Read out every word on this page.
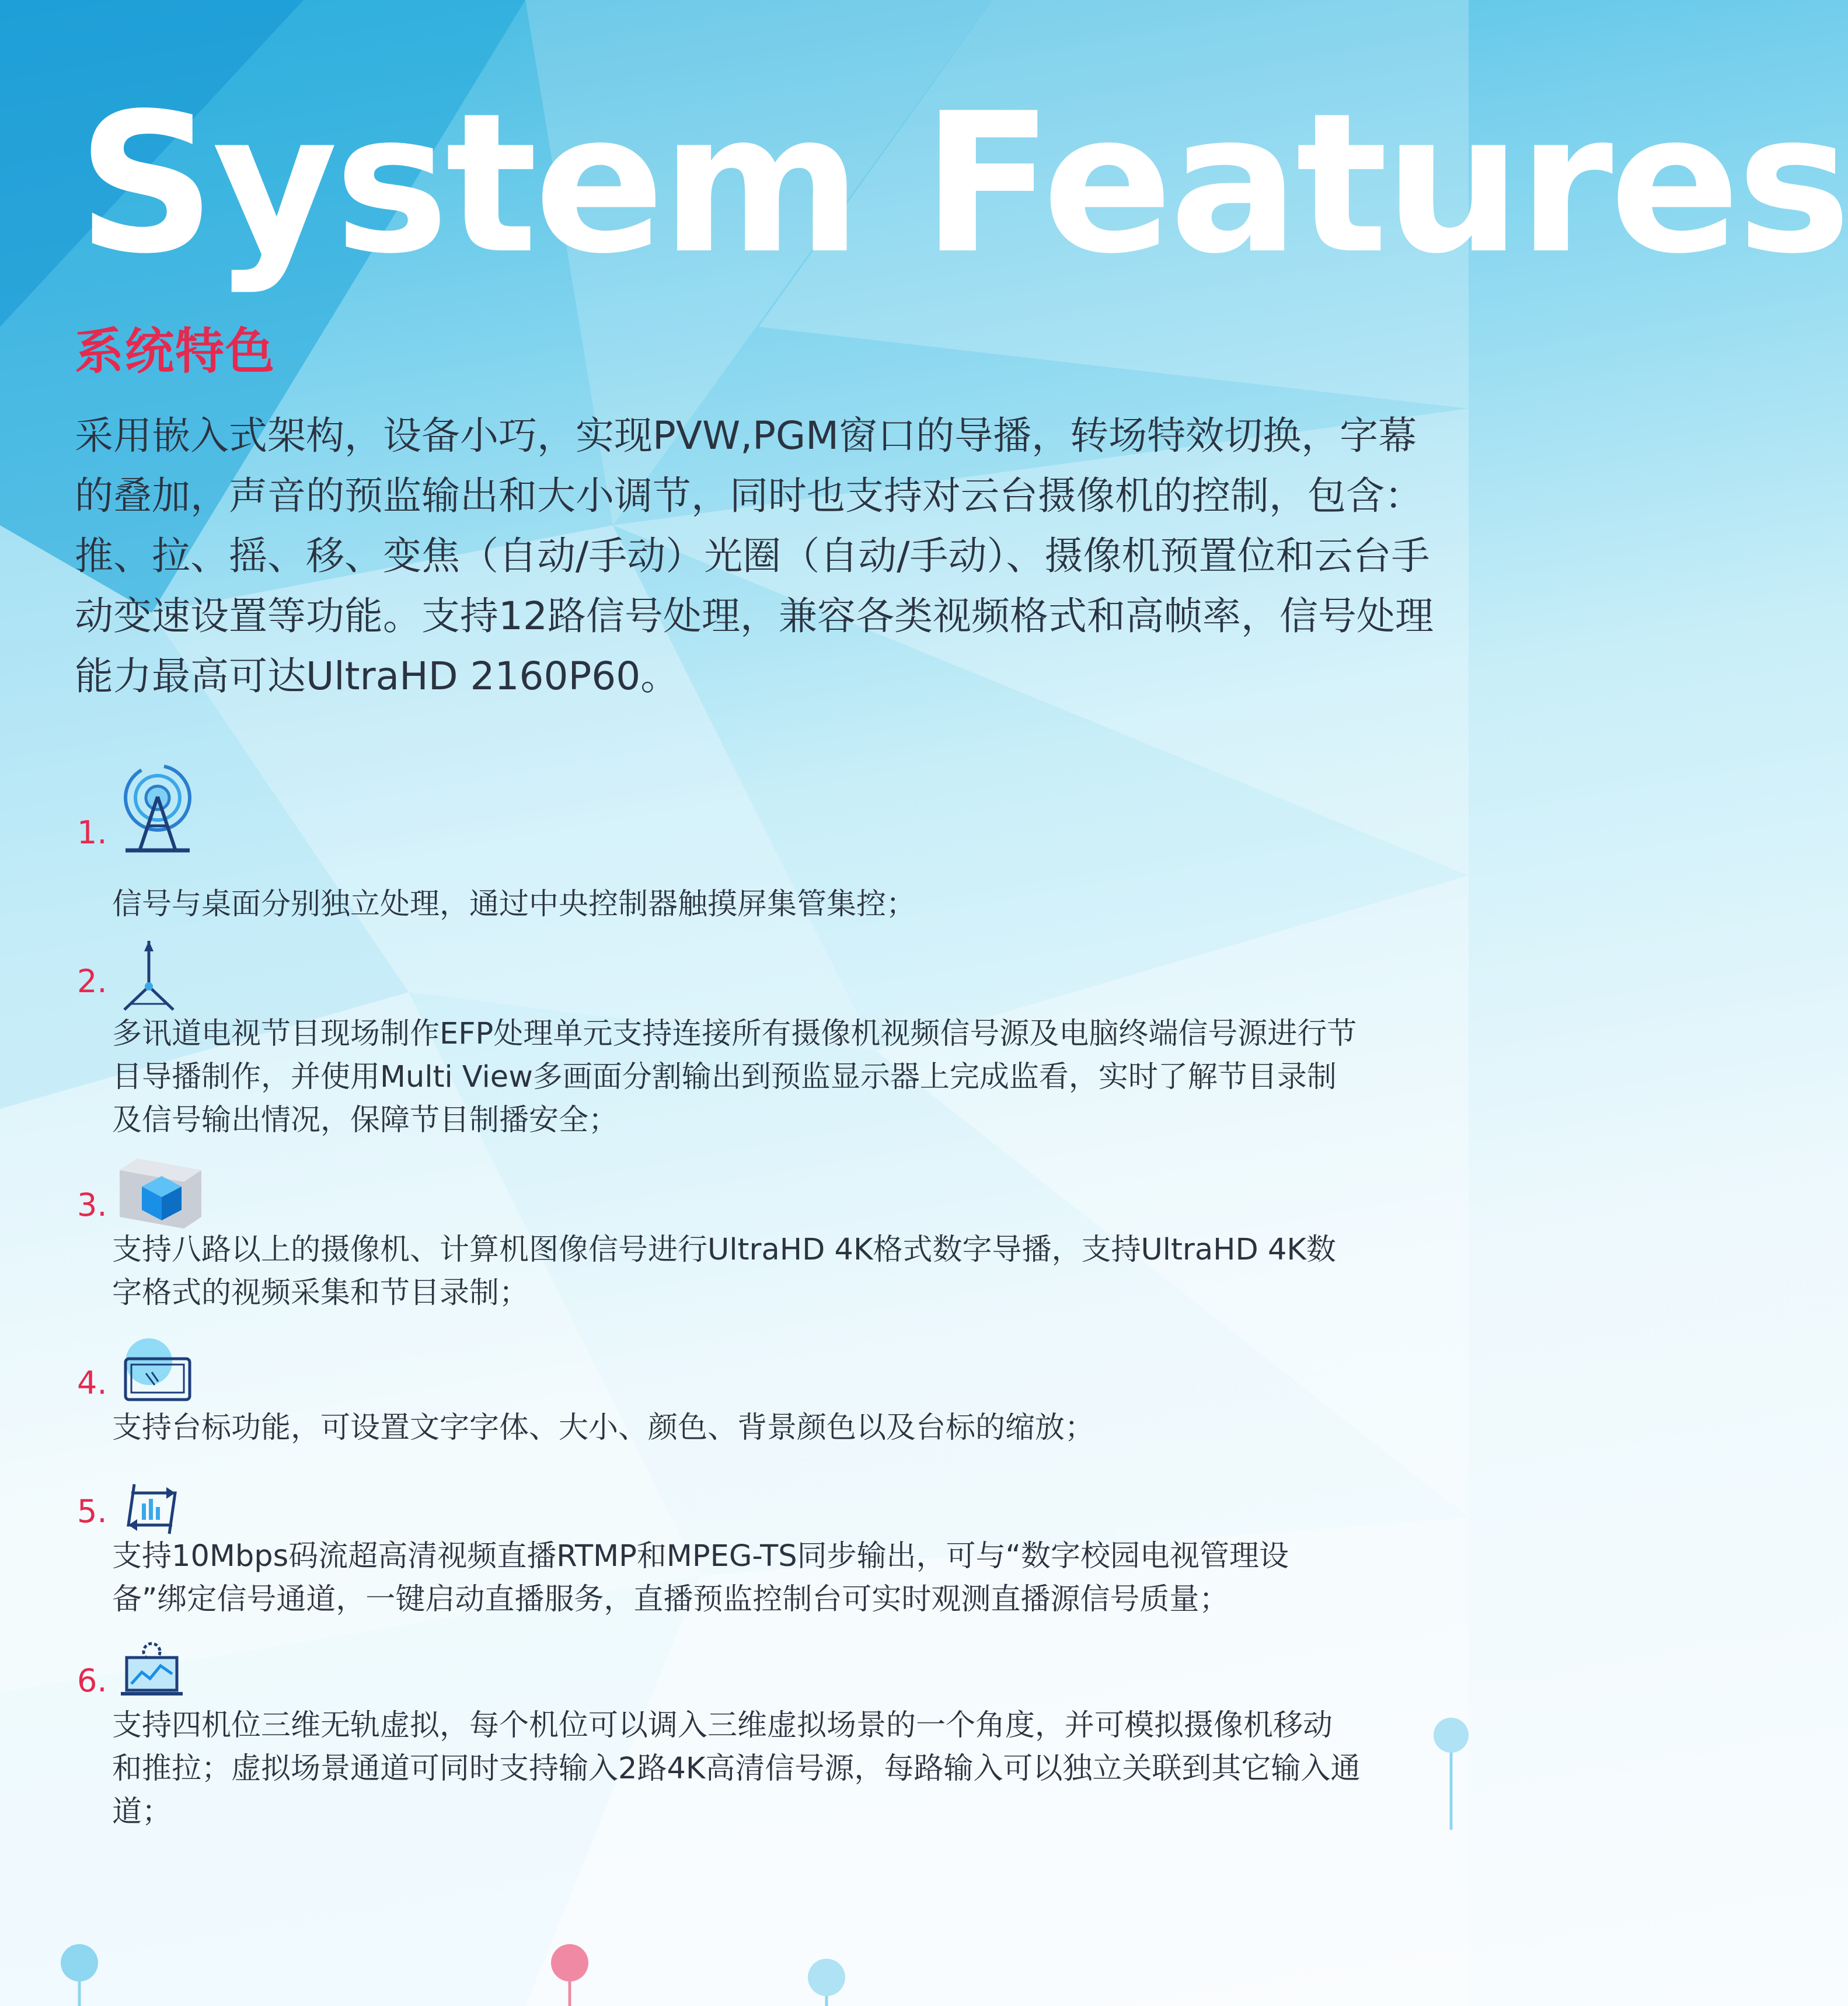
System Features
系统特色

采用嵌入式架构，设备小巧，实现PVW,PGM窗口的导播，转场特效切换，字幕的叠加，声音的预监输出和大小调节，同时也支持对云台摄像机的控制，包含：推、拉、摇、移、变焦（自动/手动）光圈（自动/手动）、摄像机预置位和云台手动变速设置等功能。支持12路信号处理，兼容各类视频格式和高帧率，信号处理能力最高可达UltraHD 2160P60。

1.

信号与桌面分别独立处理，通过中央控制器触摸屏集管集控；

2.

多讯道电视节目现场制作EFP处理单元支持连接所有摄像机视频信号源及电脑终端信号源进行节目导播制作，并使用Multi View多画面分割输出到预监显示器上完成监看，实时了解节目录制及信号输出情况，保障节目制播安全；

3.

支持八路以上的摄像机、计算机图像信号进行UltraHD 4K格式数字导播，支持UltraHD 4K数字格式的视频采集和节目录制；

4.

支持台标功能，可设置文字字体、大小、颜色、背景颜色以及台标的缩放；

5.

支持10Mbps码流超高清视频直播RTMP和MPEG-TS同步输出，可与“数字校园电视管理设备”绑定信号通道，一键启动直播服务，直播预监控制台可实时观测直播源信号质量；

6.

支持四机位三维无轨虚拟，每个机位可以调入三维虚拟场景的一个角度，并可模拟摄像机移动和推拉；虚拟场景通道可同时支持输入2路4K高清信号源，每路输入可以独立关联到其它输入通道；
